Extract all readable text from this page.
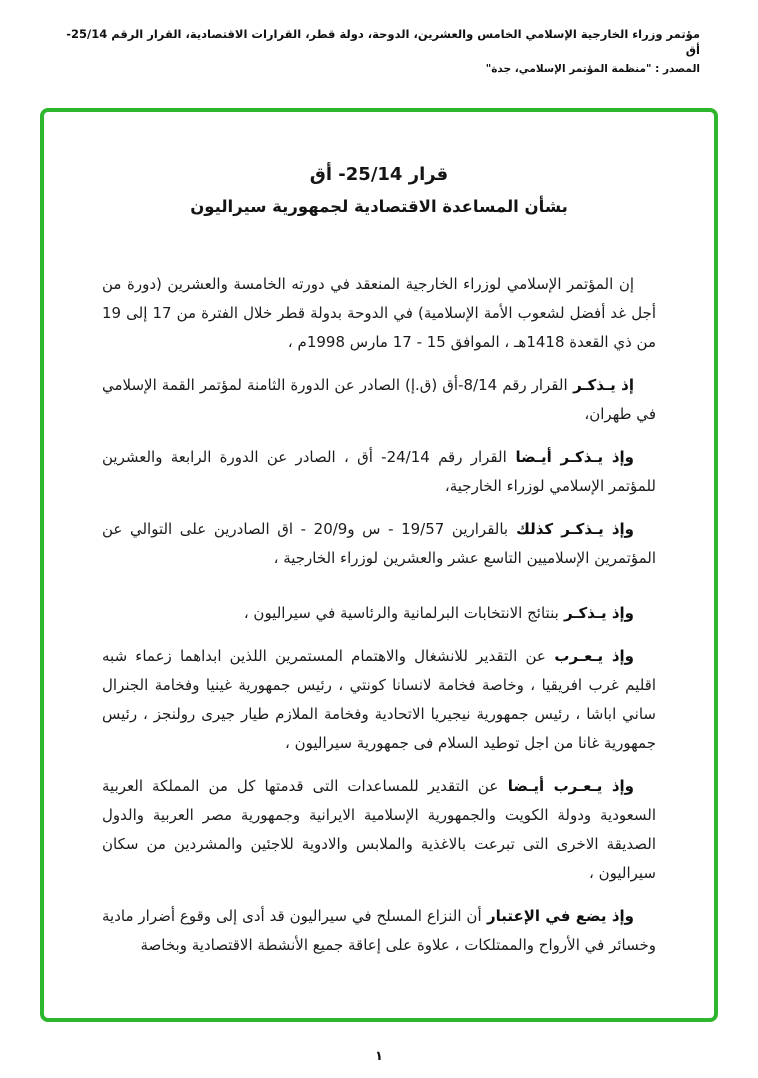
مؤتمر وزراء الخارجية الإسلامي الخامس والعشرين، الدوحة، دولة قطر، القرارات الاقتصادية، القرار الرقم 25/14-أق
المصدر : "منظمة المؤتمر الإسلامي، جدة"
قرار 25/14- أق
بشأن المساعدة الاقتصادية لجمهورية سيراليون

إن المؤتمر الإسلامي لوزراء الخارجية المنعقد في دورته الخامسة والعشرين (دورة من أجل غد أفضل لشعوب الأمة الإسلامية) في الدوحة بدولة قطر خلال الفترة من 17 إلى 19 من ذي القعدة 1418هـ ، الموافق 15 - 17 مارس 1998م ،

إذ يـذكـر القرار رقم 8/14-أق (ق.إ) الصادر عن الدورة الثامنة لمؤتمر القمة الإسلامي في طهران،

وإذ يـذكـر أيـضا القرار رقم 24/14- أق ، الصادر عن الدورة الرابعة والعشرين للمؤتمر الإسلامي لوزراء الخارجية،

وإذ يـذكـر كذلك بالقرارين 19/57 - س و20/9 - اق الصادرين على التوالي عن المؤتمرين الإسلاميين التاسع عشر والعشرين لوزراء الخارجية ،

وإذ يـذكـر بنتائج الانتخابات البرلمانية والرئاسية في سيراليون ،

وإذ يـعـرب عن التقدير للانشغال والاهتمام المستمرين اللذين ابداهما زعماء شبه اقليم غرب افريقيا ، وخاصة فخامة لانسانا كونتي ، رئيس جمهورية غينيا وفخامة الجنرال ساني اباشا ، رئيس جمهورية نيجيريا الاتحادية وفخامة الملازم طيار جيرى رولنجز ، رئيس جمهورية غانا من اجل توطيد السلام فى جمهورية سيراليون ،

وإذ يـعـرب أيـضا عن التقدير للمساعدات التى قدمتها كل من المملكة العربية السعودية ودولة الكويت والجمهورية الإسلامية الايرانية وجمهورية مصر العربية والدول الصديقة الاخرى التى تبرعت بالاغذية والملابس والادوية للاجئين والمشردين من سكان سيراليون ،

وإذ يضع في الإعتبار أن النزاع المسلح في سيراليون قد أدى إلى وقوع أضرار مادية وخسائر في الأرواح والممتلكات ، علاوة على إعاقة جميع الأنشطة الاقتصادية وبخاصة

١
